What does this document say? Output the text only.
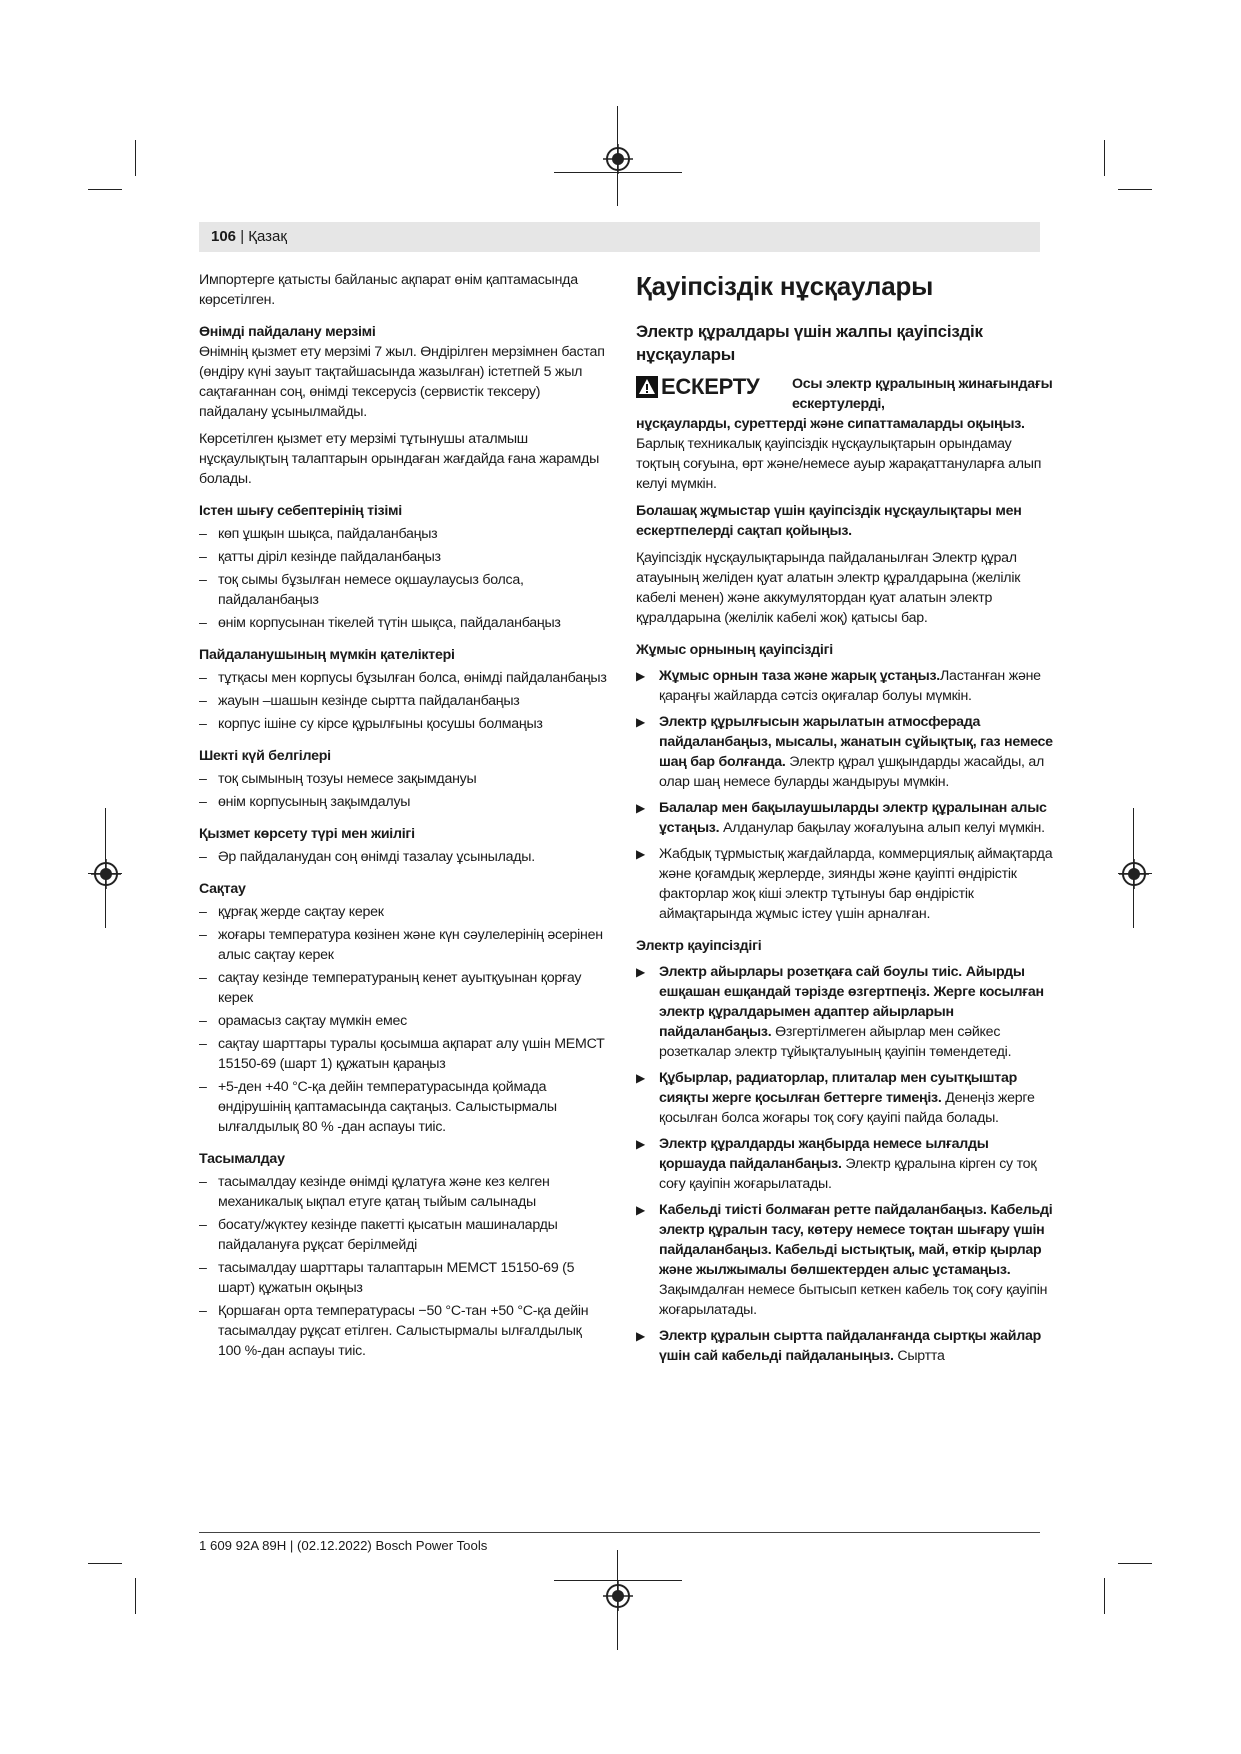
106 | Қазақ

Импортерге қатысты байланыс ақпарат өнім қаптамасында көрсетілген.

Өнімді пайдалану мерзімі

Өнімнің қызмет ету мерзімі 7 жыл. Өндірілген мерзімнен бастап (өндіру күні зауыт тақтайшасында жазылған) істетпей 5 жыл сақтағаннан соң, өнімді тексерусіз (сервистік тексеру) пайдалану ұсынылмайды.

Көрсетілген қызмет ету мерзімі тұтынушы аталмыш нұсқаулықтың талаптарын орындаған жағдайда ғана жарамды болады.

Істен шығу себептерінің тізімі

– көп ұшқын шықса, пайдаланбаңыз
– қатты діріл кезінде пайдаланбаңыз
– тоқ сымы бұзылған немесе оқшаулаусыз болса, пайдаланбаңыз
– өнім корпусынан тікелей түтін шықса, пайдаланбаңыз

Пайдаланушының мүмкін қателіктері

– тұтқасы мен корпусы бұзылған болса, өнімді пайдаланбаңыз
– жауын –шашын кезінде сыртта пайдаланбаңыз
– корпус ішіне су кірсе құрылғыны қосушы болмаңыз

Шекті күй белгілері

– тоқ сымының тозуы немесе зақымдануы
– өнім корпусының зақымдалуы

Қызмет көрсету түрі мен жиілігі

– Әр пайдаланудан соң өнімді тазалау ұсынылады.

Сақтау

– құрғақ жерде сақтау керек
– жоғары температура көзінен және күн сәулелерінің әсерінен алыс сақтау керек
– сақтау кезінде температураның кенет ауытқуынан қорғау керек
– орамасыз сақтау мүмкін емес
– сақтау шарттары туралы қосымша ақпарат алу үшін МЕМСТ 15150-69 (шарт 1) құжатын қараңыз
– +5-ден +40 °C-қа дейін температурасында қоймада өндірушінің қаптамасында сақтаңыз. Салыстырмалы ылғалдылық 80 % -дан аспауы тиіс.

Тасымалдау

– тасымалдау кезінде өнімді құлатуға және кез келген механикалық ықпал етуге қатаң тыйым салынады
– босату/жүктеу кезінде пакетті қысатын машиналарды пайдалануға рұқсат берілмейді
– тасымалдау шарттары талаптарын МЕМСТ 15150-69 (5 шарт) құжатын оқыңыз
– Қоршаған орта температурасы −50 °C-тан +50 °C-қа дейін тасымалдау рұқсат етілген. Салыстырмалы ылғалдылық 100 %-дан аспауы тиіс.
Қауіпсіздік нұсқаулары
Электр құралдары үшін жалпы қауіпсіздік нұсқаулары
ЕСКЕРТУ Осы электр құралының жинағындағы ескертулерді,

нұсқауларды, суреттерді және сипаттамаларды оқыңыз. Барлық техникалық қауіпсіздік нұсқаулықтарын орындамау тоқтың соғуына, өрт және/немесе ауыр жарақаттануларға алып келуі мүмкін.

Болашақ жұмыстар үшін қауіпсіздік нұсқаулықтары мен ескертпелерді сақтап қойыңыз.

Қауіпсіздік нұсқаулықтарында пайдаланылған Электр құрал атауының желіден қуат алатын электр құралдарына (желілік кабелі менен) және аккумулятордан қуат алатын электр құралдарына (желілік кабелі жоқ) қатысы бар.

Жұмыс орнының қауіпсіздігі

▶ Жұмыс орнын таза және жарық ұстаңыз.Ластанған және қараңғы жайларда сәтсіз оқиғалар болуы мүмкін.
▶ Электр құрылғысын жарылатын атмосферада пайдаланбаңыз, мысалы, жанатын сұйықтық, газ немесе шаң бар болғанда. Электр құрал ұшқындарды жасайды, ал олар шаң немесе буларды жандыруы мүмкін.
▶ Балалар мен бақылаушыларды электр құралынан алыс ұстаңыз. Алданулар бақылау жоғалуына алып келуі мүмкін.
▶ Жабдық тұрмыстық жағдайларда, коммерциялық аймақтарда және қоғамдық жерлерде, зиянды және қауіпті өндірістік факторлар жоқ кіші электр тұтынуы бар өндірістік аймақтарында жұмыс істеу үшін арналған.

Электр қауіпсіздігі

▶ Электр айырлары розетқаға сай боулы тиіс. Айырды ешқашан ешқандай тәрізде өзгертпеңіз. Жерге косылған электр құралдарымен адаптер айырларын пайдаланбаңыз. Өзгертілмеген айырлар мен сәйкес розеткалар электр тұйықталуының қауіпін төмендетеді.
▶ Құбырлар, радиаторлар, плиталар мен суытқыштар сияқты жерге қосылған беттерге тимеңіз. Денеңіз жерге қосылған болса жоғары тоқ соғу қауіпі пайда болады.
▶ Электр құралдарды жаңбырда немесе ылғалды қоршауда пайдаланбаңыз. Электр құралына кірген су тоқ соғу қауіпін жоғарылатады.
▶ Кабельді тиісті болмаған ретте пайдаланбаңыз. Кабельді электр құралын тасу, көтеру немесе тоқтан шығару үшін пайдаланбаңыз. Кабельді ыстықтық, май, өткір қырлар және жылжымалы бөлшектерден алыс ұстамаңыз. Зақымдалған немесе бытысып кеткен кабель тоқ соғу қауіпін жоғарылатады.
▶ Электр құралын сыртта пайдаланғанда сыртқы жайлар үшін сай кабельді пайдаланыңыз. Сыртта
1 609 92A 89H | (02.12.2022) Bosch Power Tools
